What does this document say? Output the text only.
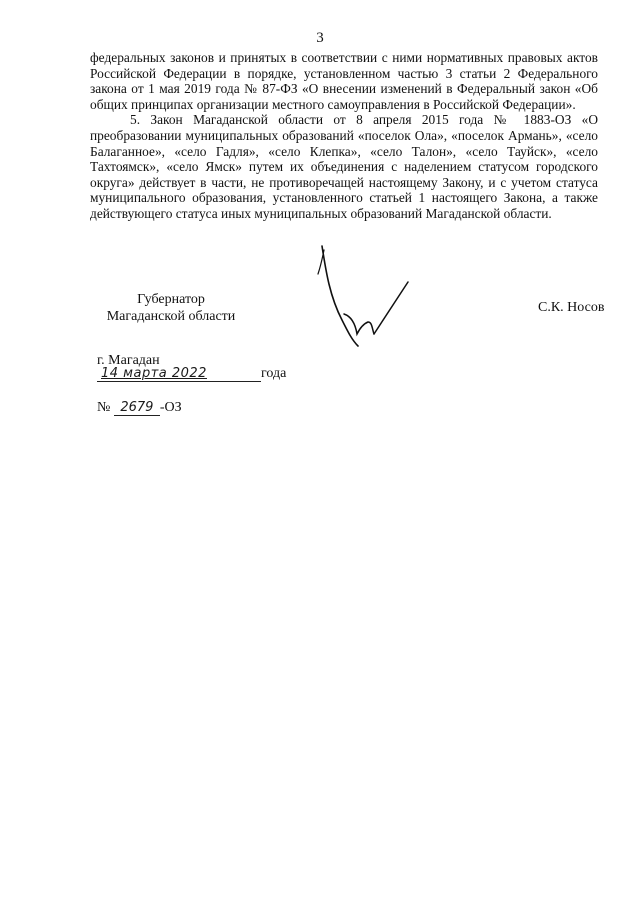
3

федеральных законов и принятых в соответствии с ними нормативных правовых актов Российской Федерации в порядке, установленном частью 3 статьи 2 Федерального закона от 1 мая 2019 года № 87-ФЗ «О внесении изменений в Федеральный закон «Об общих принципах организации местного самоуправления в Российской Федерации».

5. Закон Магаданской области от 8 апреля 2015 года № 1883-ОЗ «О преобразовании муниципальных образований «поселок Ола», «поселок Армань», «село Балаганное», «село Гадля», «село Клепка», «село Талон», «село Тауйск», «село Тахтоямск», «село Ямск» путем их объединения с наделением статусом городского округа» действует в части, не противоречащей настоящему Закону, и с учетом статуса муниципального образования, установленного статьей 1 настоящего Закона, а также действующего статуса иных муниципальных образований Магаданской области.

Губернатор
Магаданской области
С.К. Носов
г. Магадан
14 марта 2022	года
№ 2679 -ОЗ
